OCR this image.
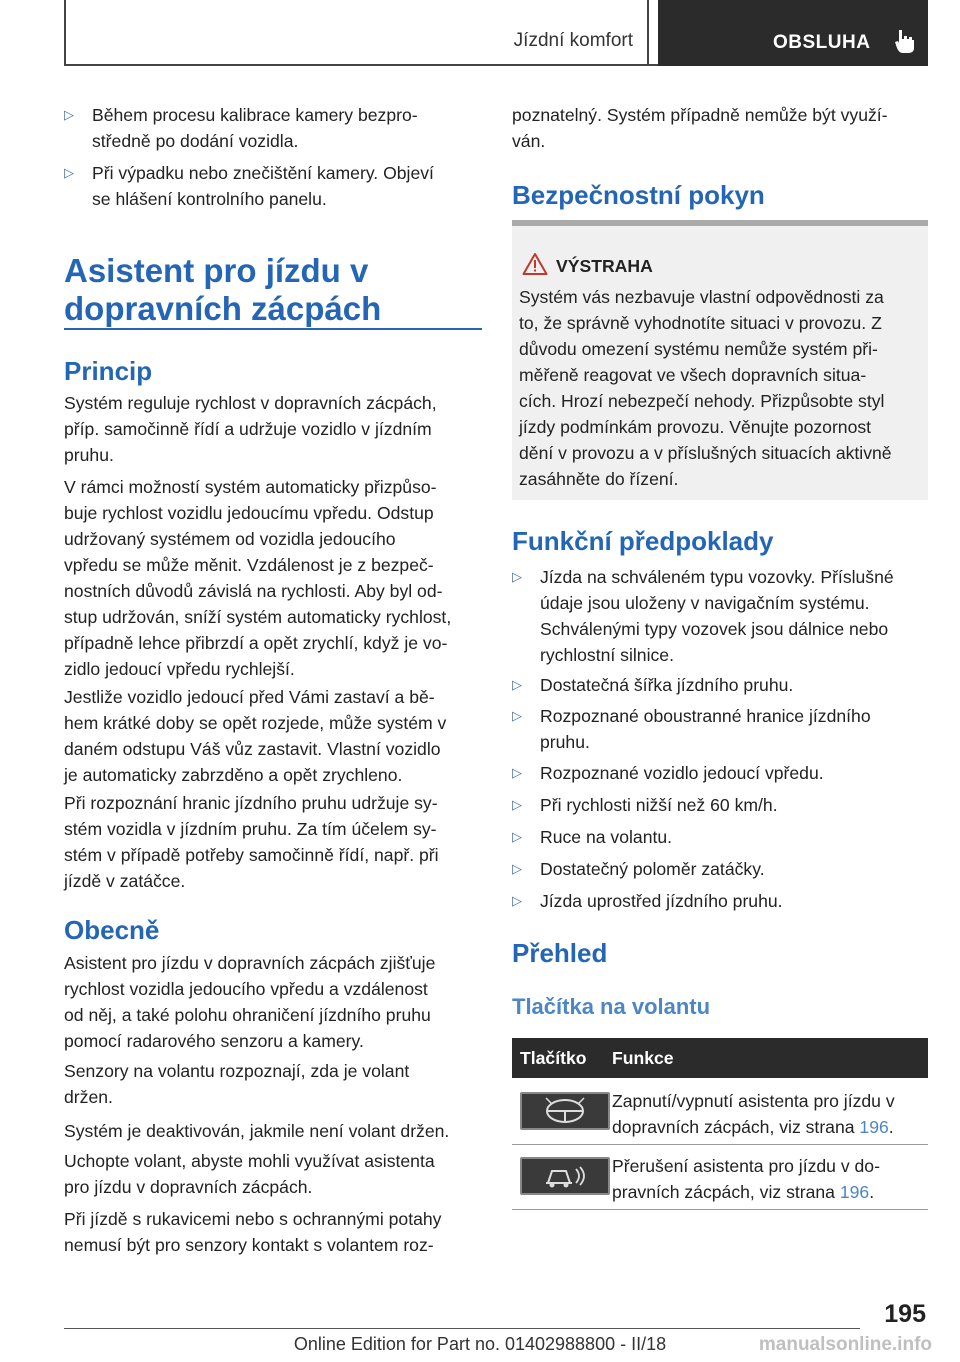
Jízdní komfort	OBSLUHA
▷ Během procesu kalibrace kamery bezpro-
středně po dodání vozidla.
▷ Při výpadku nebo znečištění kamery. Objeví
se hlášení kontrolního panelu.
Asistent pro jízdu v
dopravních zácpách
Princip

Systém reguluje rychlost v dopravních zácpách,
příp. samočinně řídí a udržuje vozidlo v jízdním
pruhu.

V rámci možností systém automaticky přizpůso-
buje rychlost vozidlu jedoucímu vpředu. Odstup
udržovaný systémem od vozidla jedoucího
vpředu se může měnit. Vzdálenost je z bezpeč-
nostních důvodů závislá na rychlosti. Aby byl od-
stup udržován, sníží systém automaticky rychlost,
případně lehce přibrzdí a opět zrychlí, když je vo-
zidlo jedoucí vpředu rychlejší.

Jestliže vozidlo jedoucí před Vámi zastaví a bě-
hem krátké doby se opět rozjede, může systém v
daném odstupu Váš vůz zastavit. Vlastní vozidlo
je automaticky zabrzděno a opět zrychleno.

Při rozpoznání hranic jízdního pruhu udržuje sy-
stém vozidla v jízdním pruhu. Za tím účelem sy-
stém v případě potřeby samočinně řídí, např. při
jízdě v zatáčce.

Obecně

Asistent pro jízdu v dopravních zácpách zjišťuje
rychlost vozidla jedoucího vpředu a vzdálenost
od něj, a také polohu ohraničení jízdního pruhu
pomocí radarového senzoru a kamery.

Senzory na volantu rozpoznají, zda je volant
držen.

Systém je deaktivován, jakmile není volant držen.

Uchopte volant, abyste mohli využívat asistenta
pro jízdu v dopravních zácpách.

Při jízdě s rukavicemi nebo s ochrannými potahy
nemusí být pro senzory kontakt s volantem roz-

poznatelný. Systém případně nemůže být využí-
ván.

Bezpečnostní pokyn
VÝSTRAHA
Systém vás nezbavuje vlastní odpovědnosti za
to, že správně vyhodnotíte situaci v provozu. Z
důvodu omezení systému nemůže systém při-
měřeně reagovat ve všech dopravních situa-
cích. Hrozí nebezpečí nehody. Přizpůsobte styl
jízdy podmínkám provozu. Věnujte pozornost
dění v provozu a v příslušných situacích aktivně
zasáhněte do řízení.
Funkční předpoklady
▷ Jízda na schváleném typu vozovky. Příslušné
údaje jsou uloženy v navigačním systému.
Schválenými typy vozovek jsou dálnice nebo
rychlostní silnice.
▷ Dostatečná šířka jízdního pruhu.
▷ Rozpoznané oboustranné hranice jízdního
pruhu.
▷ Rozpoznané vozidlo jedoucí vpředu.
▷ Při rychlosti nižší než 60 km/h.
▷ Ruce na volantu.
▷ Dostatečný poloměr zatáčky.
▷ Jízda uprostřed jízdního pruhu.
Přehled
Tlačítka na volantu
Tlačítko Funkce
Zapnutí/vypnutí asistenta pro jízdu v
dopravních zácpách, viz strana 196.
Přerušení asistenta pro jízdu v do-
pravních zácpách, viz strana 196.
195
Online Edition for Part no. 01402988800 - II/18	manualsonline.info
